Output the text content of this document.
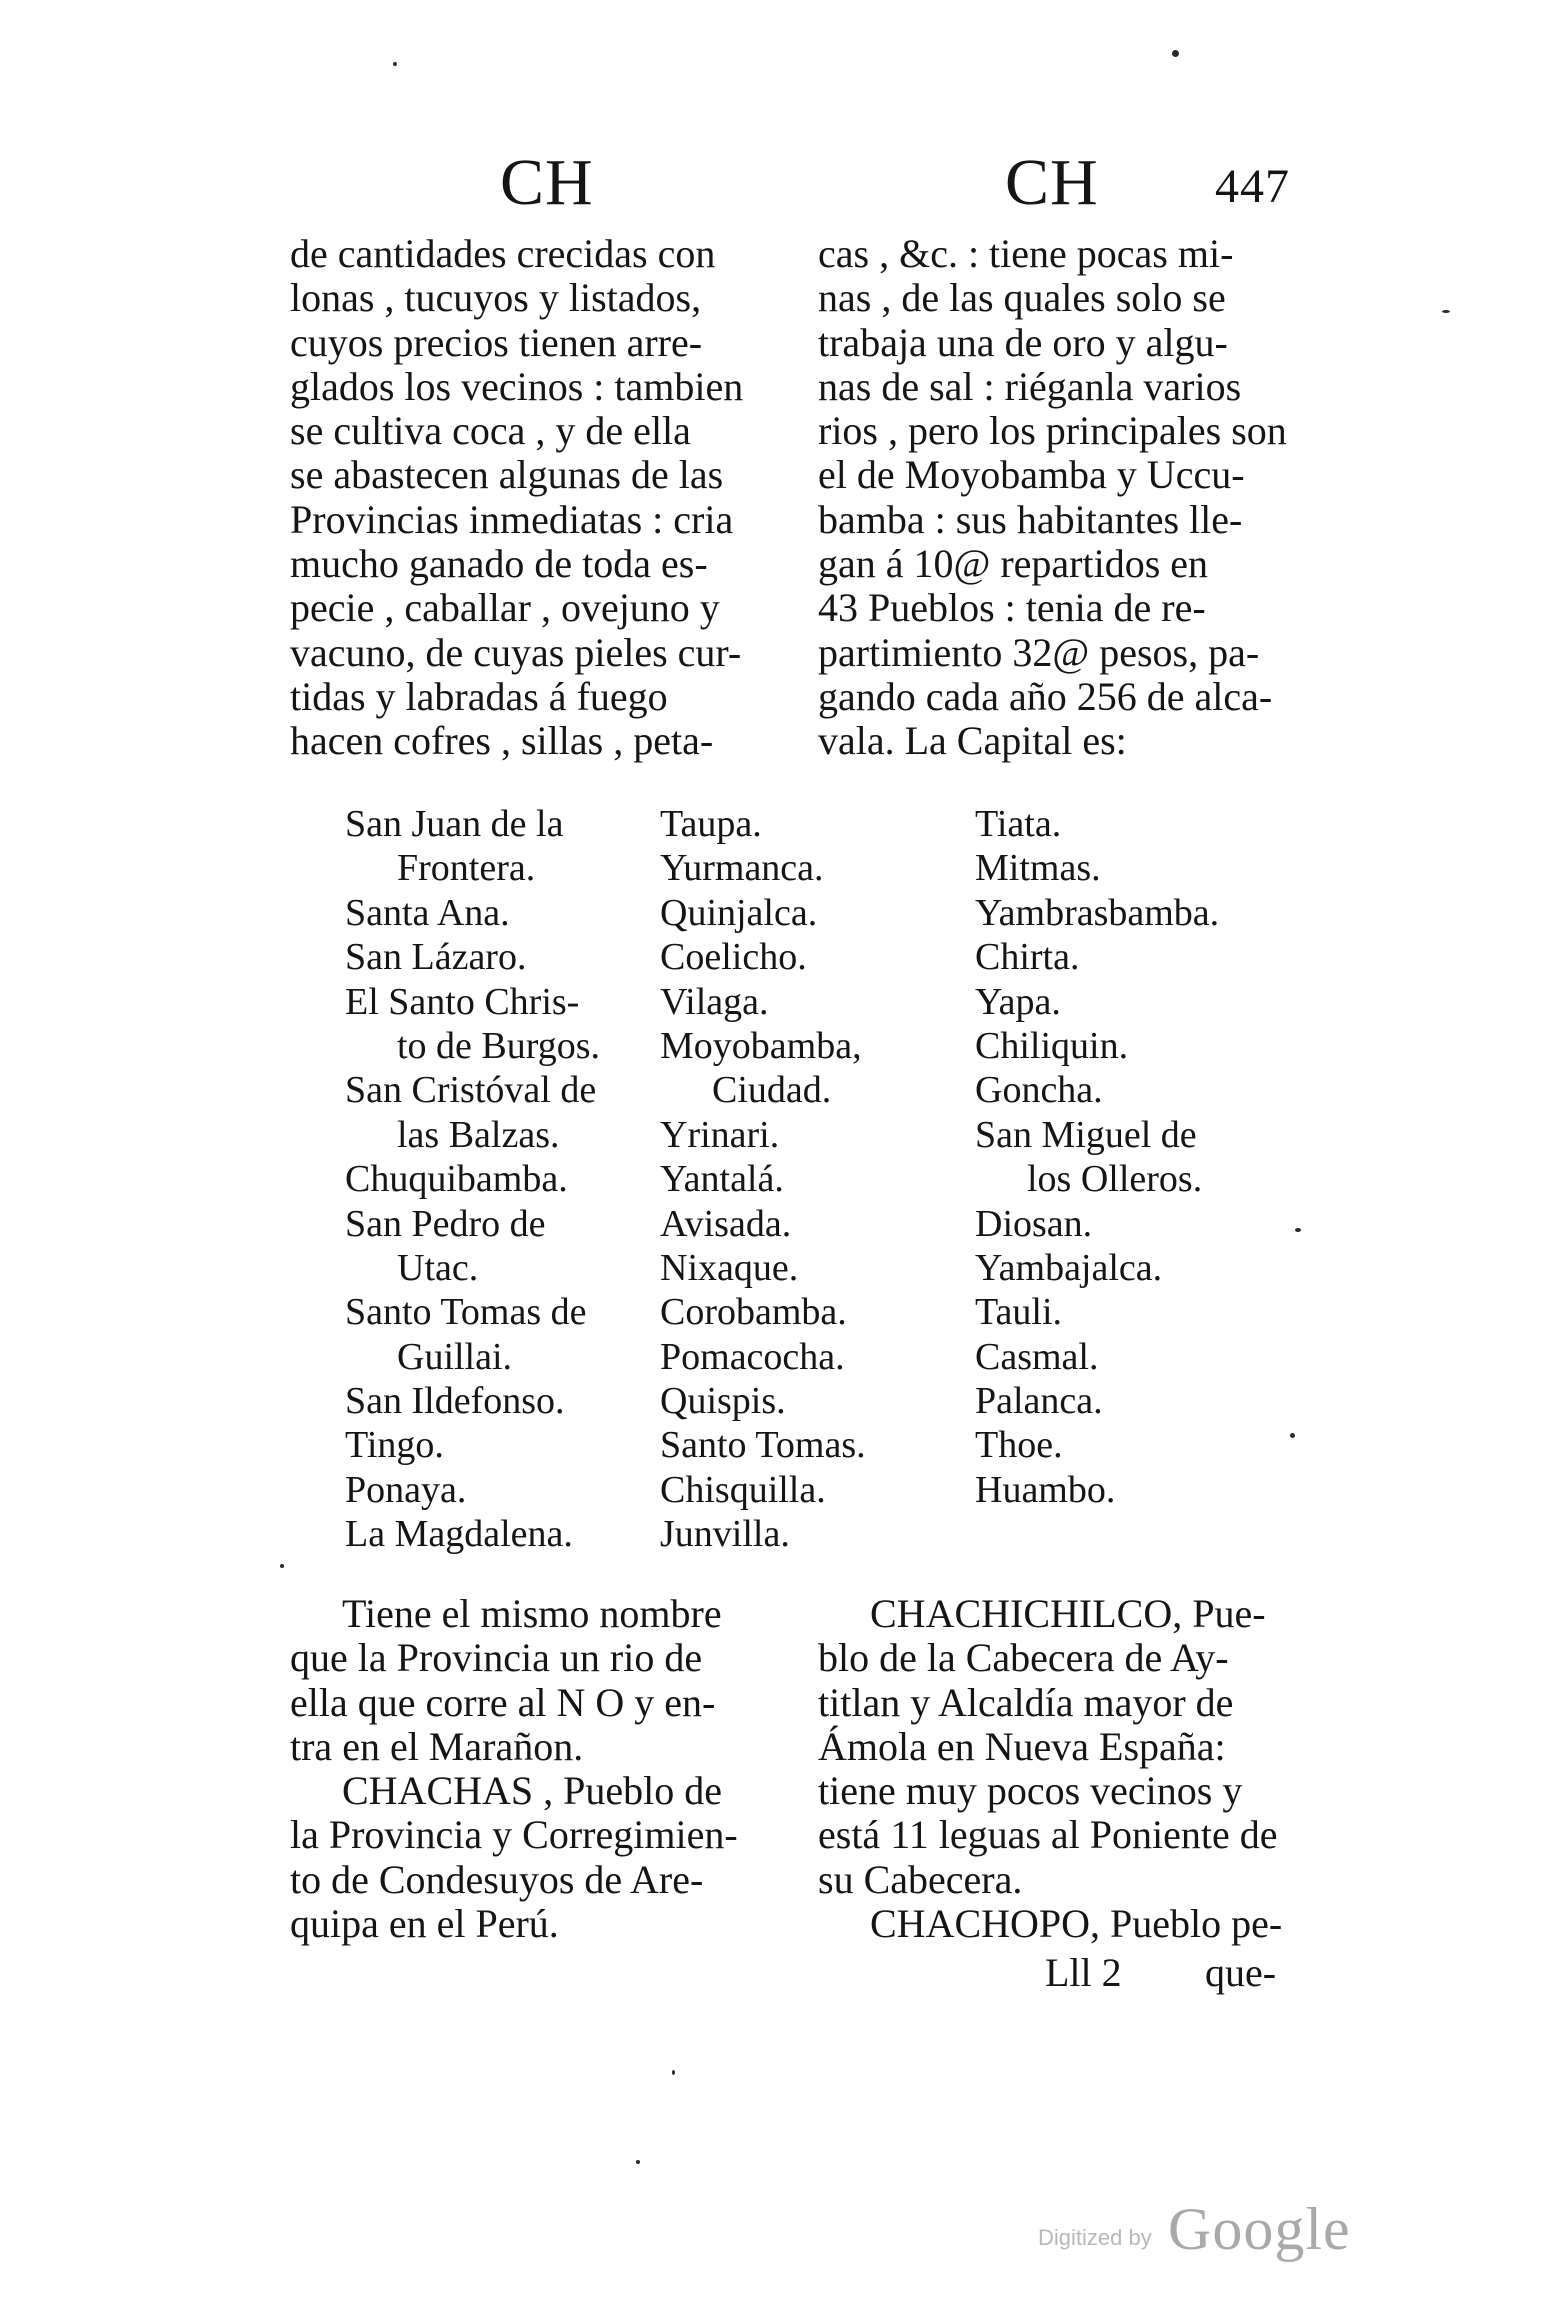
CH	CH 447
de cantidades crecidas con
lonas , tucuyos y listados,
cuyos precios tienen arre-
glados los vecinos : tambien
se cultiva coca , y de ella
se abastecen algunas de las
Provincias inmediatas : cria
mucho ganado de toda es-
pecie , caballar , ovejuno y
vacuno, de cuyas pieles cur-
tidas y labradas á fuego
hacen cofres , sillas , peta-
cas , &c. : tiene pocas mi-
nas , de las quales solo se
trabaja una de oro y algu-
nas de sal : riéganla varios
rios , pero los principales son
el de Moyobamba y Uccu-
bamba : sus habitantes lle-
gan á 10@ repartidos en
43 Pueblos : tenia de re-
partimiento 32@ pesos, pa-
gando cada año 256 de alca-
vala. La Capital es:
San Juan de la
Frontera.
Santa Ana.
San Lázaro.
El Santo Chris-
to de Burgos.
San Cristóval de
las Balzas.
Chuquibamba.
San Pedro de
Utac.
Santo Tomas de
Guillai.
San Ildefonso.
Tingo.
Ponaya.
La Magdalena.
Taupa.
Yurmanca.
Quinjalca.
Coelicho.
Vilaga.
Moyobamba,
Ciudad.
Yrinari.
Yantalá.
Avisada.
Nixaque.
Corobamba.
Pomacocha.
Quispis.
Santo Tomas.
Chisquilla.
Junvilla.
Tiata.
Mitmas.
Yambrasbamba.
Chirta.
Yapa.
Chiliquin.
Goncha.
San Miguel de
los Olleros.
Diosan.
Yambajalca.
Tauli.
Casmal.
Palanca.
Thoe.
Huambo.
Tiene el mismo nombre
que la Provincia un rio de
ella que corre al N O y en-
tra en el Marañon.
CHACHAS , Pueblo de
la Provincia y Corregimien-
to de Condesuyos de Are-
quipa en el Perú.
CHACHICHILCO, Pue-
blo de la Cabecera de Ay-
titlan y Alcaldía mayor de
Ámola en Nueva España:
tiene muy pocos vecinos y
está 11 leguas al Poniente de
su Cabecera.
CHACHOPO, Pueblo pe-
Lll 2 que-
Digitized by Google
